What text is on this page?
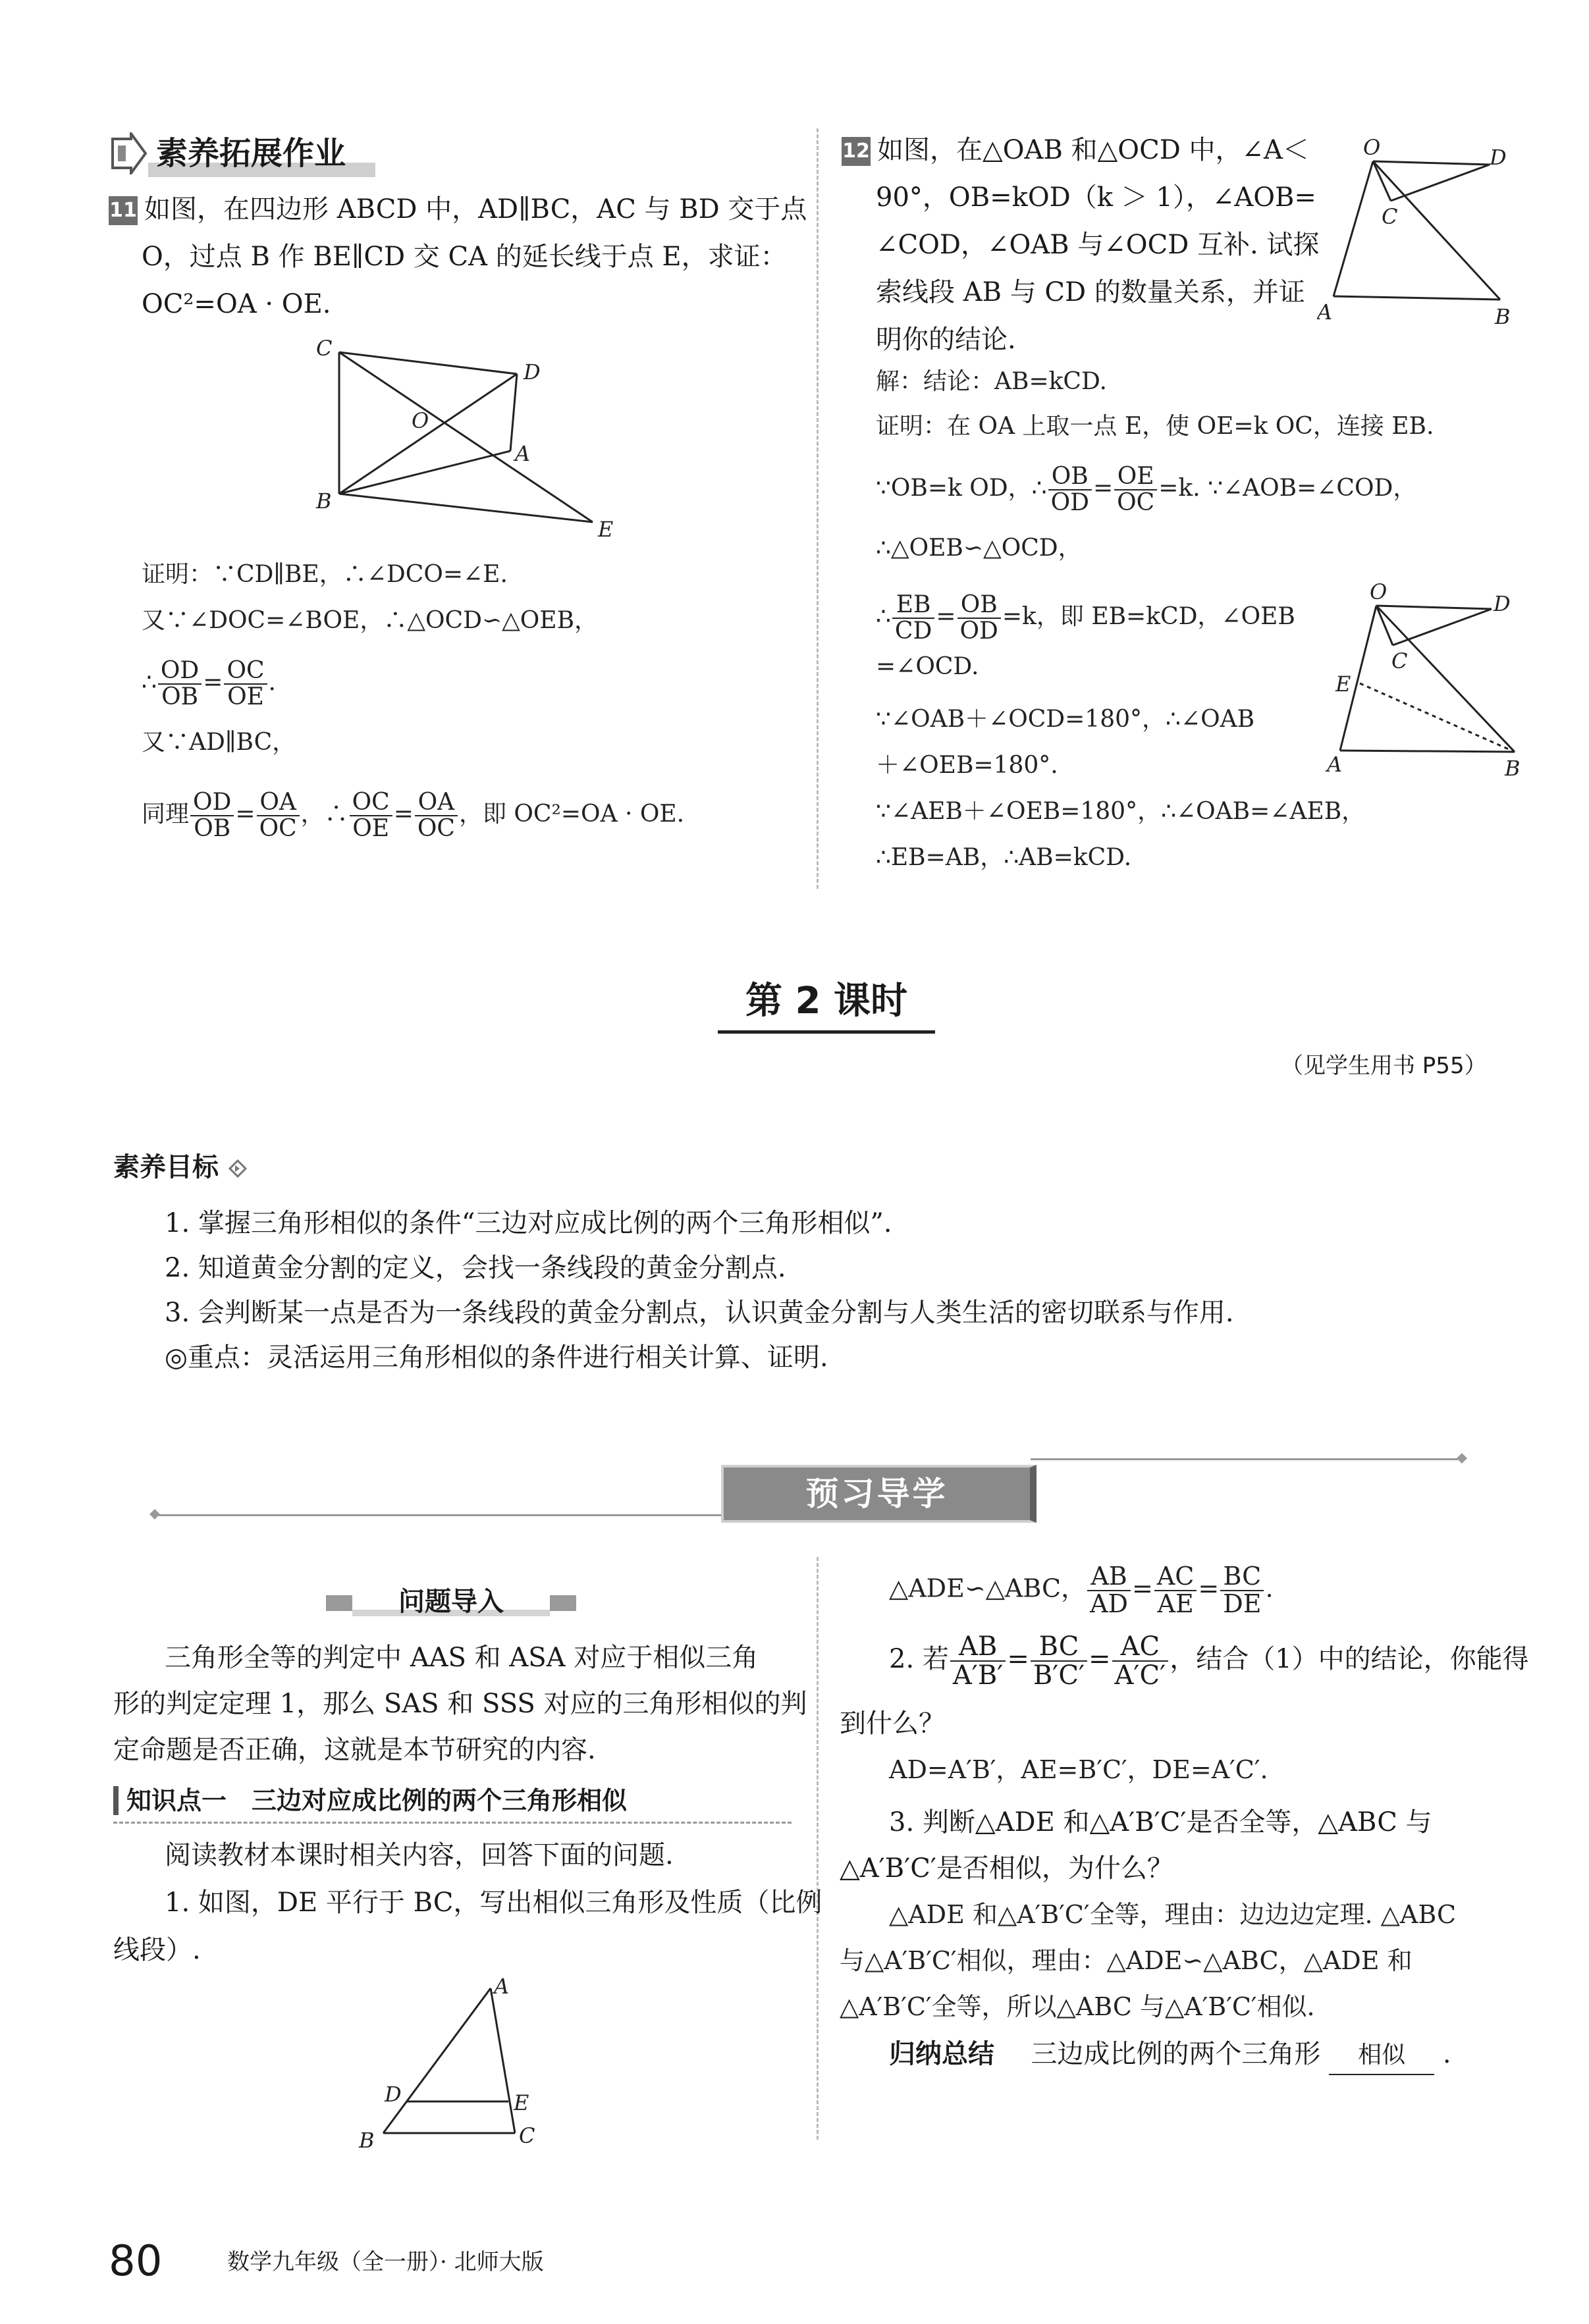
素养拓展作业
11 如图，在四边形 ABCD 中，AD∥BC，AC 与 BD 交于点
O，过点 B 作 BE∥CD 交 CA 的延长线于点 E，求证：
OC²=OA · OE.
C
D
O
A
B
E
证明：∵CD∥BE，∴∠DCO=∠E.
又∵∠DOC=∠BOE，∴△OCD∽△OEB，
∴ $\frac{OD}{OB} = \frac{OC}{OE}$ .
又∵AD∥BC，
同理 $\frac{OD}{OB} = \frac{OA}{OC}$ ，∴ $\frac{OC}{OE} = \frac{OA}{OC}$ ，即 OC²=OA · OE.
12 如图，在△OAB 和△OCD 中，∠A＜
90°，OB=kOD（k ＞ 1），∠AOB=
∠COD，∠OAB 与∠OCD 互补. 试探
索线段 AB 与 CD 的数量关系，并证
明你的结论.
O	D
C
A	B
解：结论：AB=kCD.
证明：在 OA 上取一点 E，使 OE=k OC，连接 EB.
∵OB=k OD，∴ $\frac{OB}{OD} = \frac{OE}{OC} =k$. ∵∠AOB=∠COD，
∴△OEB∽△OCD，
∴ $\frac{EB}{CD} = \frac{OB}{OD} =k$，即 EB=kCD，∠OEB
=∠OCD.
∵∠OAB＋∠OCD=180°，∴∠OAB
＋∠OEB=180°.
∵∠AEB＋∠OEB=180°，∴∠OAB=∠AEB，
∴EB=AB，∴AB=kCD.
O	D
C
E
A	B
第 2 课时
（见学生用书 P55）
素养目标
1. 掌握三角形相似的条件“三边对应成比例的两个三角形相似”.
2. 知道黄金分割的定义，会找一条线段的黄金分割点.
3. 会判断某一点是否为一条线段的黄金分割点，认识黄金分割与人类生活的密切联系与作用.
◎重点：灵活运用三角形相似的条件进行相关计算、证明.
预习导学
问题导入
三角形全等的判定中 AAS 和 ASA 对应于相似三角
形的判定定理 1，那么 SAS 和 SSS 对应的三角形相似的判
定命题是否正确，这就是本节研究的内容.
知识点一　三边对应成比例的两个三角形相似
阅读教材本课时相关内容，回答下面的问题.
1. 如图，DE 平行于 BC，写出相似三角形及性质（比例
线段）.
A
D	E
B	C
△ADE∽△ABC， $\frac{AB}{AD} = \frac{AC}{AE} = \frac{BC}{DE}$ .
2. 若 $\frac{AB}{A'B'} = \frac{BC}{B'C'} = \frac{AC}{A'C'}$ ，结合（1）中的结论，你能得
到什么？
AD=A′B′，AE=B′C′，DE=A′C′.
3. 判断△ADE 和△A′B′C′是否全等，△ABC 与
△A′B′C′是否相似，为什么？
△ADE 和△A′B′C′全等，理由：边边边定理. △ABC
与△A′B′C′相似，理由：△ADE∽△ABC，△ADE 和
△A′B′C′全等，所以△ABC 与△A′B′C′相似.
归纳总结 三边成比例的两个三角形 相似 .
80	数学九年级（全一册）· 北师大版
